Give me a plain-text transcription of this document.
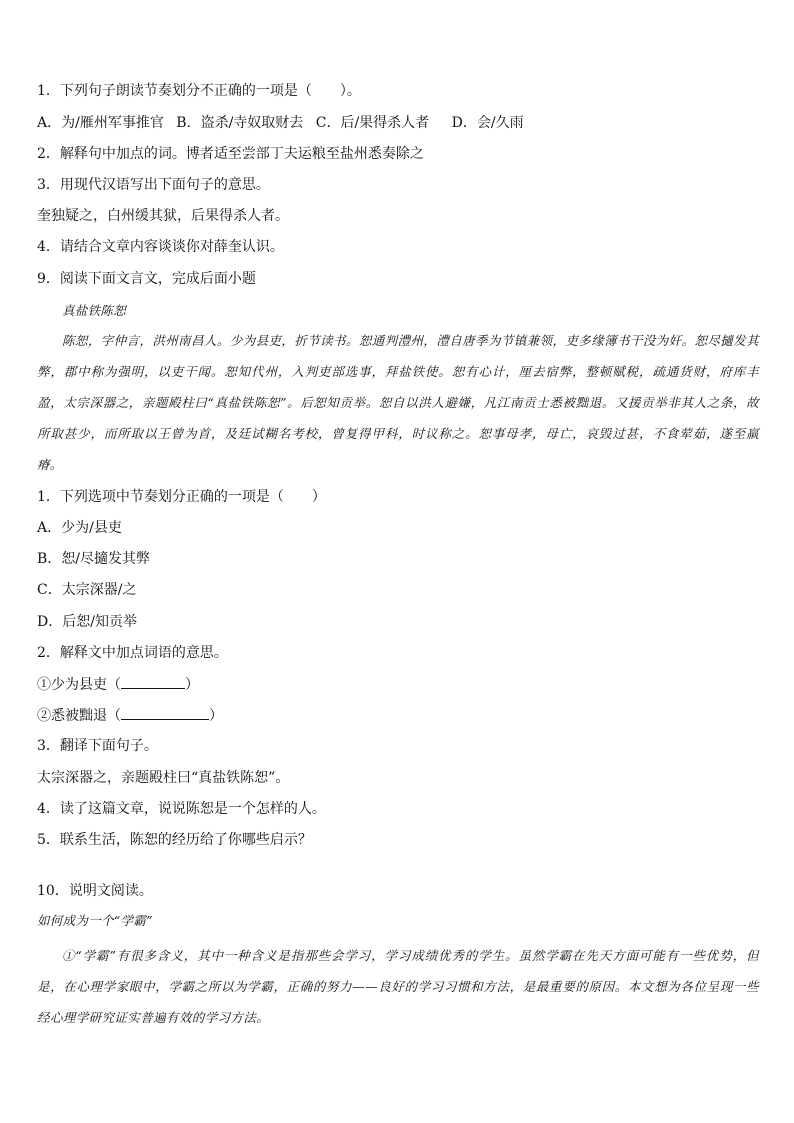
1．下列句子朗读节奏划分不正确的一项是（　　）。
A．为/雁州军事推官 B．盗杀/寺奴取财去 C．后/果得杀人者 D．会/久雨
2．解释句中加点的词。博者适至尝部丁夫运粮至盐州悉奏除之
3．用现代汉语写出下面句子的意思。
奎独疑之，白州缓其狱，后果得杀人者。
4．请结合文章内容谈谈你对薛奎认识。
9．阅读下面文言文，完成后面小题
真盐铁陈恕
陈恕，字仲言，洪州南昌人。少为县吏，折节读书。恕通判澧州，澧自唐季为节镇兼领，吏多缘簿书干没为奸。恕尽擿发其弊，郡中称为强明，以吏干闻。恕知代州，入判吏部选事，拜盐铁使。恕有心计，厘去宿弊，整顿赋税，疏通货财，府库丰盈，太宗深器之，亲题殿柱曰“真盐铁陈恕”。后恕知贡举。恕自以洪人避嫌，凡江南贡士悉被黜退。又援贡举非其人之条，故所取甚少，而所取以王曾为首，及廷试糊名考校，曾复得甲科，时议称之。恕事母孝，母亡，哀毁过甚，不食荤茹，遂至羸瘠。
1．下列选项中节奏划分正确的一项是（　　）
A．少为/县吏
B．恕/尽擿发其弊
C．太宗深器/之
D．后恕/知贡举
2．解释文中加点词语的意思。
①少为县吏（	）
②悉被黜退（	）
3．翻译下面句子。
太宗深器之，亲题殿柱曰“真盐铁陈恕”。
4．读了这篇文章，说说陈恕是一个怎样的人。
5．联系生活，陈恕的经历给了你哪些启示？
10．说明文阅读。
如何成为一个“学霸”
①“学霸”有很多含义，其中一种含义是指那些会学习，学习成绩优秀的学生。虽然学霸在先天方面可能有一些优势，但是，在心理学家眼中，学霸之所以为学霸，正确的努力——良好的学习习惯和方法，是最重要的原因。本文想为各位呈现一些经心理学研究证实普遍有效的学习方法。
